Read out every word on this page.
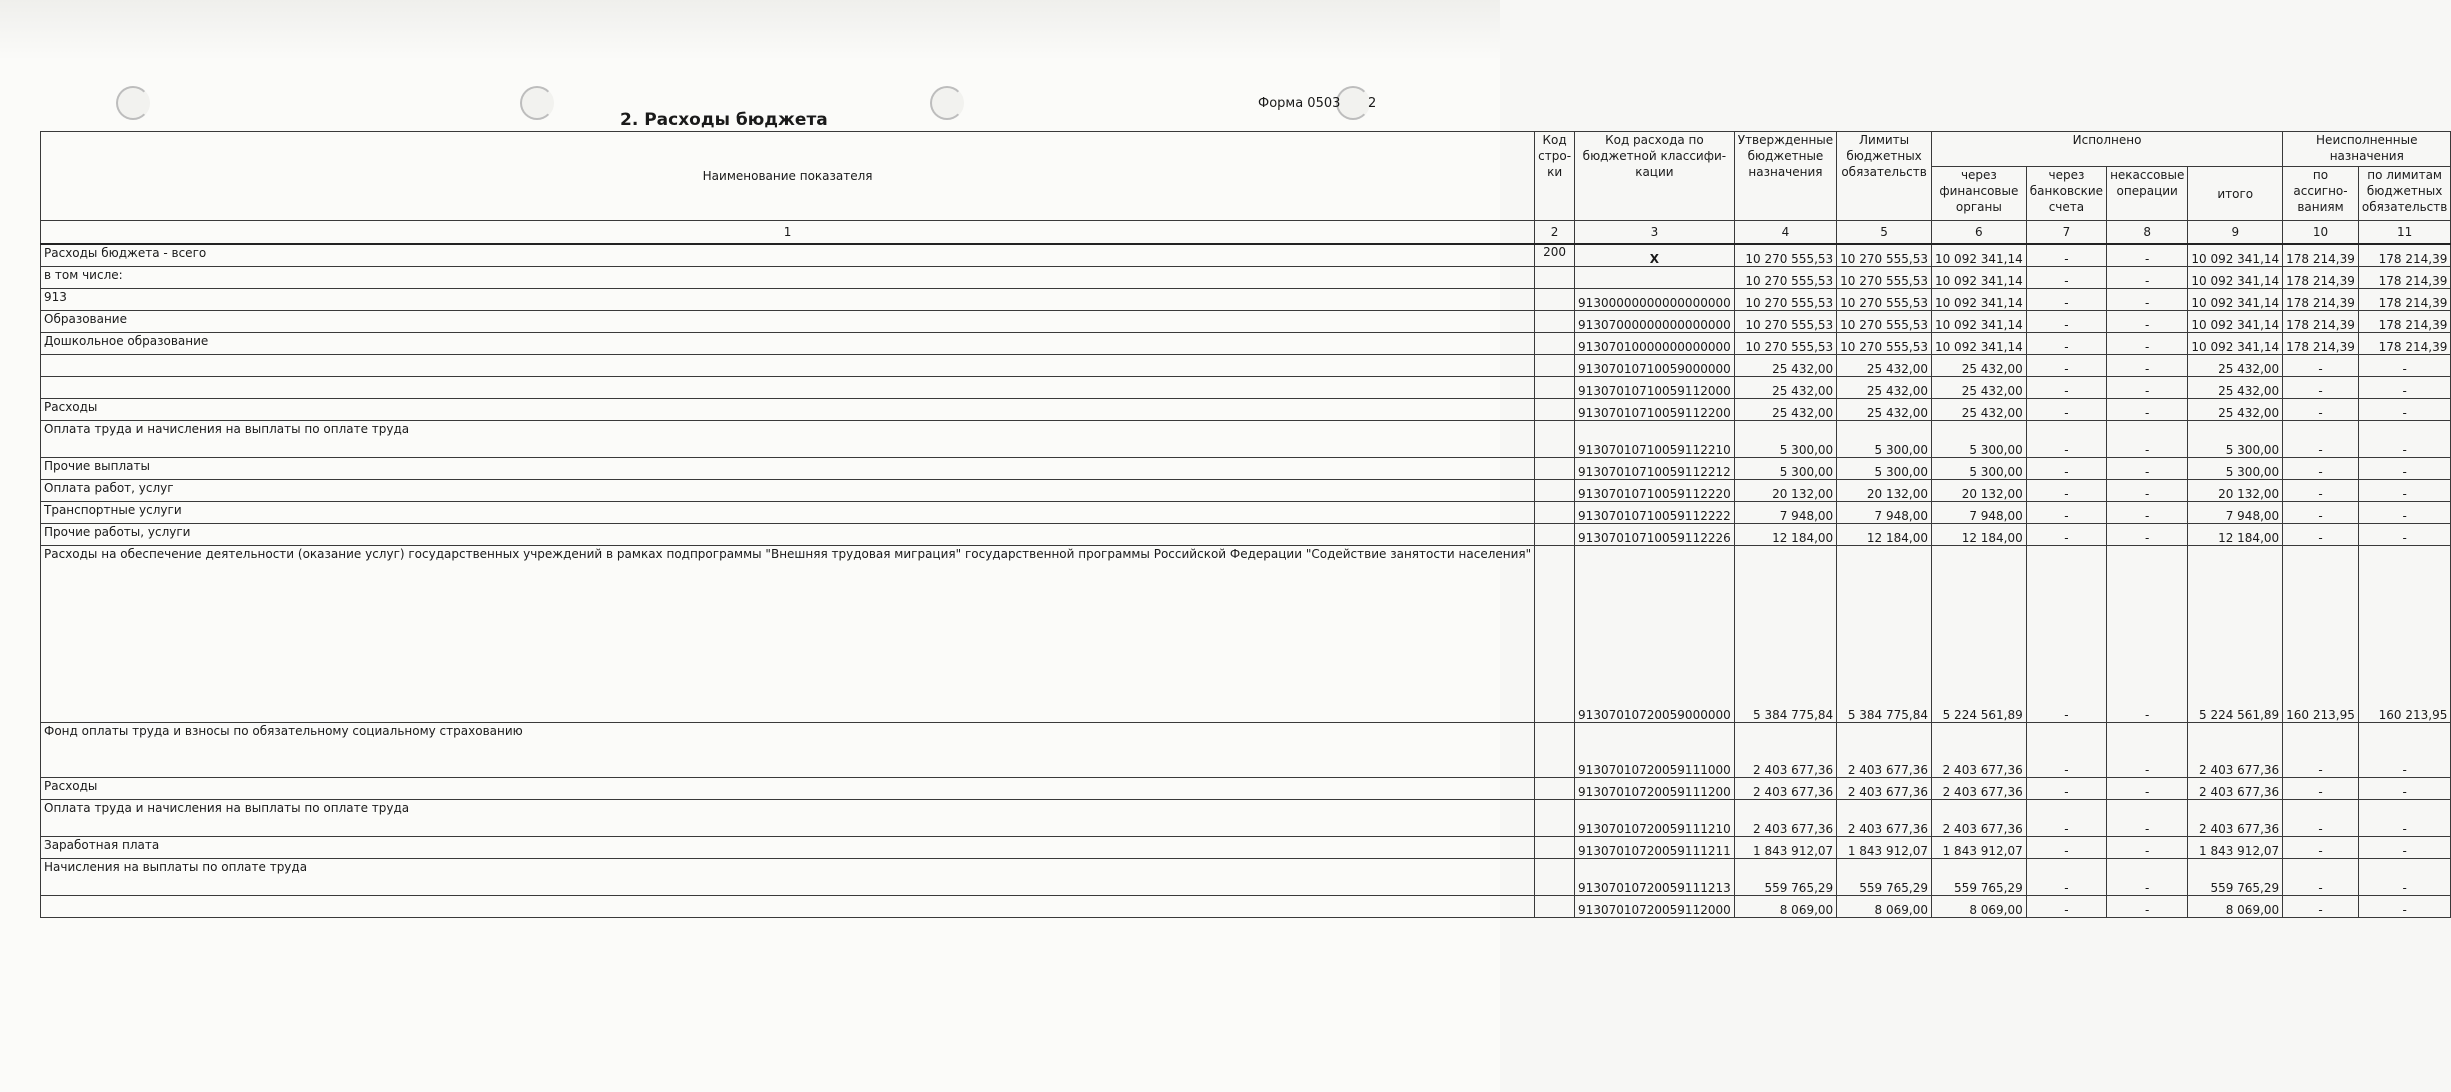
Форма 0503 2
2. Расходы бюджета
Наименование показателя	Код стро- ки	Код расхода по бюджетной классифи- кации	Утвержденные бюджетные назначения	Лимиты бюджетных обязательств	Исполнено				Неисполненные назначения	
					через финансовые органы	через банковские счета	некассовые операции	итого	по ассигно- ваниям	по лимитам бюджетных обязательств
1	2	3	4	5	6	7	8	9	10	11
Расходы бюджета - всего	200	X	10 270 555,53	10 270 555,53	10 092 341,14	-	-	10 092 341,14	178 214,39	178 214,39
в том числе:			10 270 555,53	10 270 555,53	10 092 341,14	-	-	10 092 341,14	178 214,39	178 214,39
913		91300000000000000000	10 270 555,53	10 270 555,53	10 092 341,14	-	-	10 092 341,14	178 214,39	178 214,39
Образование		91307000000000000000	10 270 555,53	10 270 555,53	10 092 341,14	-	-	10 092 341,14	178 214,39	178 214,39
Дошкольное образование		91307010000000000000	10 270 555,53	10 270 555,53	10 092 341,14	-	-	10 092 341,14	178 214,39	178 214,39
		91307010710059000000	25 432,00	25 432,00	25 432,00	-	-	25 432,00	-	-
		91307010710059112000	25 432,00	25 432,00	25 432,00	-	-	25 432,00	-	-
Расходы		91307010710059112200	25 432,00	25 432,00	25 432,00	-	-	25 432,00	-	-
Оплата труда и начисления на выплаты по оплате труда		91307010710059112210	5 300,00	5 300,00	5 300,00	-	-	5 300,00	-	-
Прочие выплаты		91307010710059112212	5 300,00	5 300,00	5 300,00	-	-	5 300,00	-	-
Оплата работ, услуг		91307010710059112220	20 132,00	20 132,00	20 132,00	-	-	20 132,00	-	-
Транспортные услуги		91307010710059112222	7 948,00	7 948,00	7 948,00	-	-	7 948,00	-	-
Прочие работы, услуги		91307010710059112226	12 184,00	12 184,00	12 184,00	-	-	12 184,00	-	-
Расходы на обеспечение деятельности (оказание услуг) государственных учреждений в рамках подпрограммы "Внешняя трудовая миграция" государственной программы Российской Федерации "Содействие занятости населения"		91307010720059000000	5 384 775,84	5 384 775,84	5 224 561,89	-	-	5 224 561,89	160 213,95	160 213,95
Фонд оплаты труда и взносы по обязательному социальному страхованию		91307010720059111000	2 403 677,36	2 403 677,36	2 403 677,36	-	-	2 403 677,36	-	-
Расходы		91307010720059111200	2 403 677,36	2 403 677,36	2 403 677,36	-	-	2 403 677,36	-	-
Оплата труда и начисления на выплаты по оплате труда		91307010720059111210	2 403 677,36	2 403 677,36	2 403 677,36	-	-	2 403 677,36	-	-
Заработная плата		91307010720059111211	1 843 912,07	1 843 912,07	1 843 912,07	-	-	1 843 912,07	-	-
Начисления на выплаты по оплате труда		91307010720059111213	559 765,29	559 765,29	559 765,29	-	-	559 765,29	-	-
		91307010720059112000	8 069,00	8 069,00	8 069,00	-	-	8 069,00	-	-
